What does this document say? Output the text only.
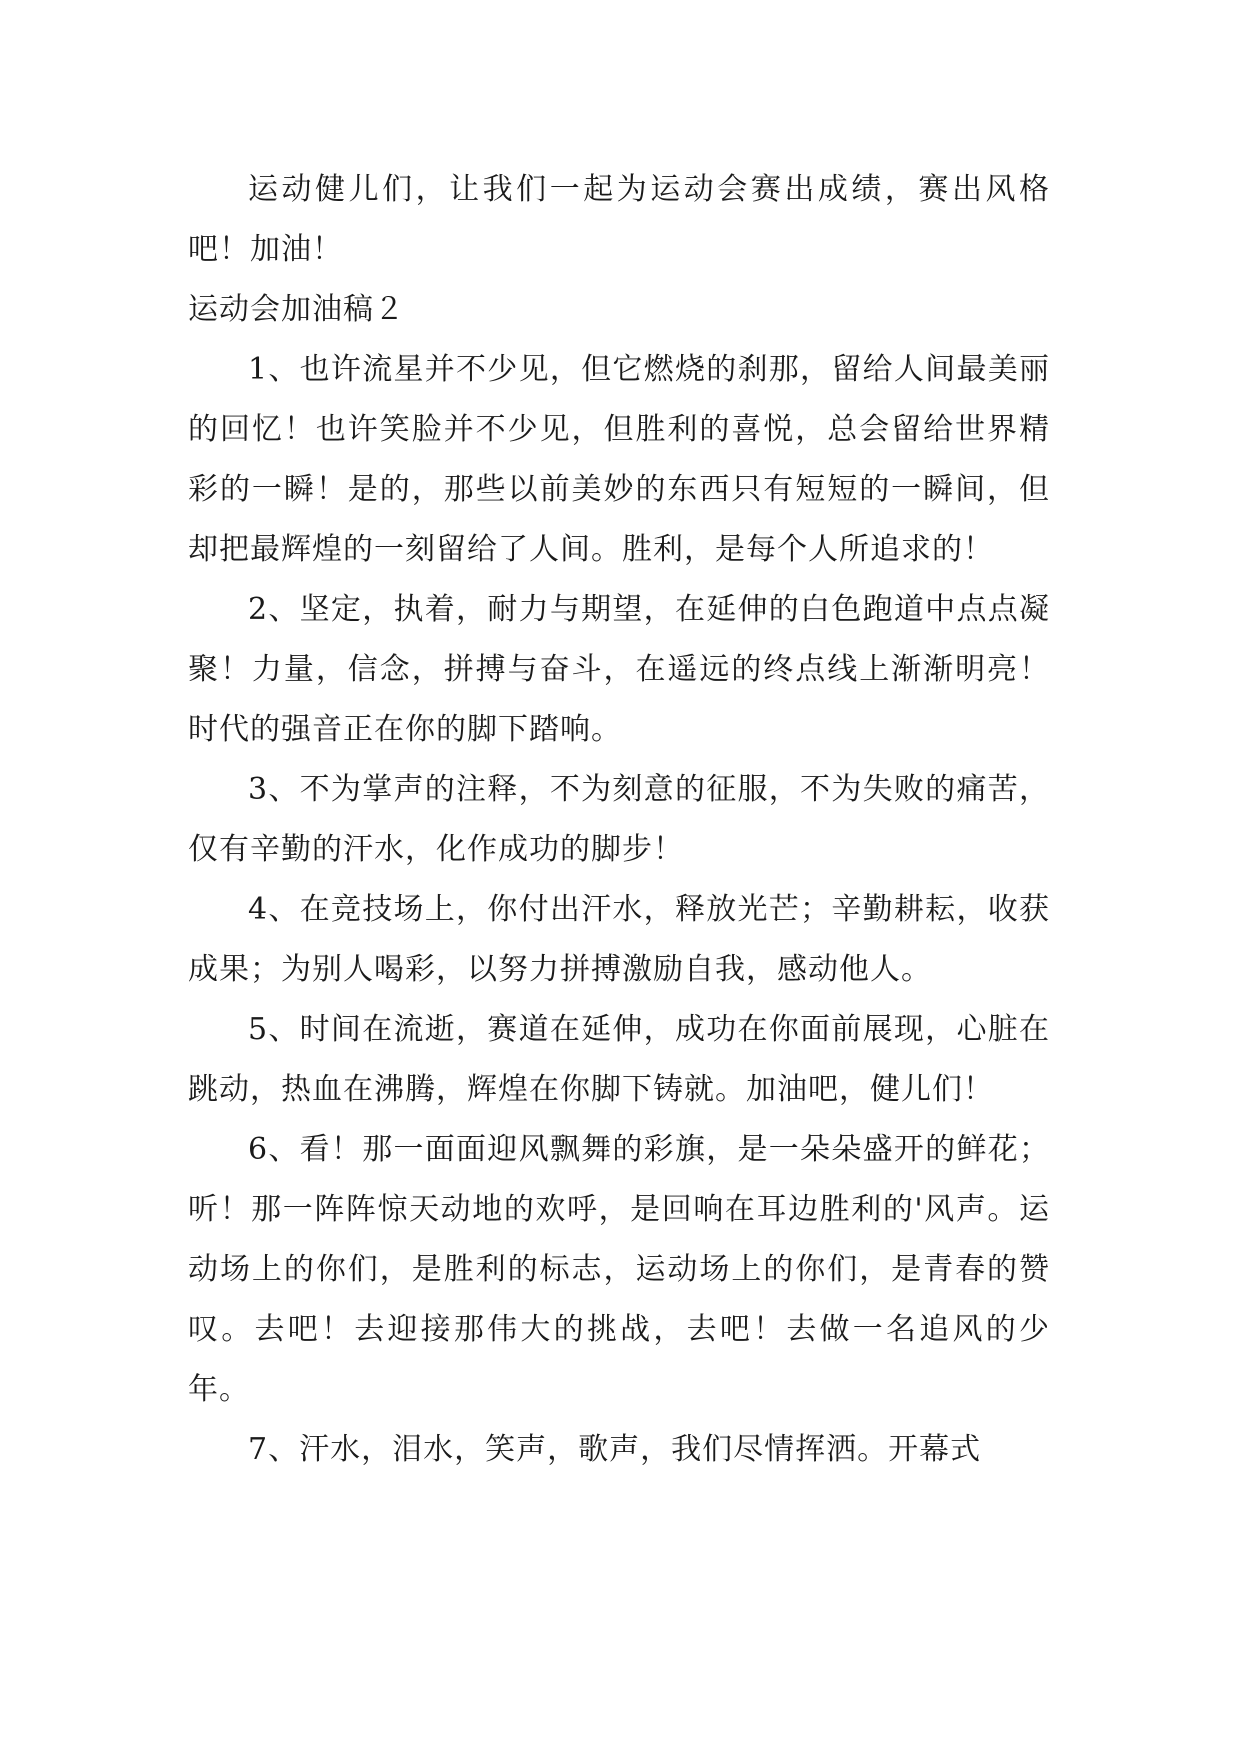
运动健儿们，让我们一起为运动会赛出成绩，赛出风格吧！加油！

运动会加油稿２

1、也许流星并不少见，但它燃烧的刹那，留给人间最美丽的回忆！也许笑脸并不少见，但胜利的喜悦，总会留给世界精彩的一瞬！是的，那些以前美妙的东西只有短短的一瞬间，但却把最辉煌的一刻留给了人间。胜利，是每个人所追求的！

2、坚定，执着，耐力与期望，在延伸的白色跑道中点点凝聚！力量，信念，拼搏与奋斗，在遥远的终点线上渐渐明亮！时代的强音正在你的脚下踏响。

3、不为掌声的注释，不为刻意的征服，不为失败的痛苦，仅有辛勤的汗水，化作成功的脚步！

4、在竞技场上，你付出汗水，释放光芒；辛勤耕耘，收获成果；为别人喝彩，以努力拼搏激励自我，感动他人。

5、时间在流逝，赛道在延伸，成功在你面前展现，心脏在跳动，热血在沸腾，辉煌在你脚下铸就。加油吧，健儿们！

6、看！那一面面迎风飘舞的彩旗，是一朵朵盛开的鲜花；听！那一阵阵惊天动地的欢呼，是回响在耳边胜利的'风声。运动场上的你们，是胜利的标志，运动场上的你们，是青春的赞叹。去吧！去迎接那伟大的挑战，去吧！去做一名追风的少年。

7、汗水，泪水，笑声，歌声，我们尽情挥洒。开幕式
